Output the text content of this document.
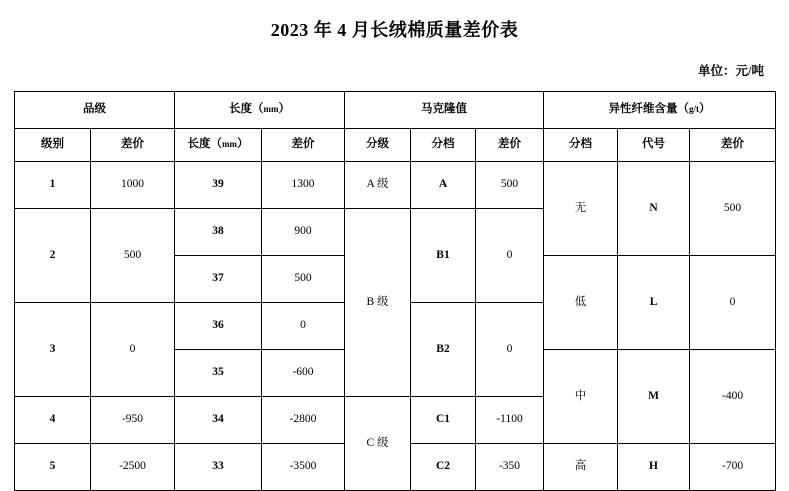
2023 年 4 月长绒棉质量差价表
单位：元/吨
品级		长度（mm）		马克隆值			异性纤维含量（g/t）		
级别	差价	长度（mm）	差价	分级	分档	差价	分档	代号	差价
1	1000	39	1300	A 级	A	500	无	N	500
2	500	38	900	B 级	B1	0			
		37	500				低	L	0
3	0	36	0		B2	0			
		35	-600				中	M	-400
4	-950	34	-2800	C 级	C1	-1100			
5	-2500	33	-3500		C2	-350	高	H	-700
